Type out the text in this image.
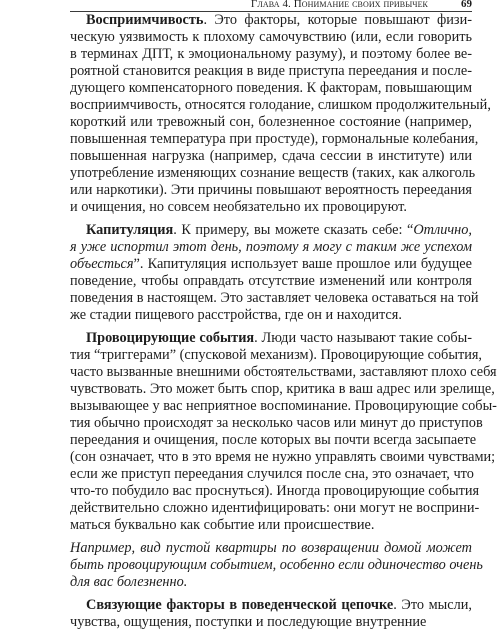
Глава 4. Понимание своих привычек	69
Восприимчивость. Это факторы, которые повышают физи-
ческую уязвимость к плохому самочувствию (или, если говорить
в терминах ДПТ, к эмоциональному разуму), и поэтому более ве-
роятной становится реакция в виде приступа переедания и после-
дующего компенсаторного поведения. К факторам, повышающим
восприимчивость, относятся голодание, слишком продолжительный,
короткий или тревожный сон, болезненное состояние (например,
повышенная температура при простуде), гормональные колебания,
повышенная нагрузка (например, сдача сессии в институте) или
употребление изменяющих сознание веществ (таких, как алкоголь
или наркотики). Эти причины повышают вероятность переедания
и очищения, но совсем необязательно их провоцируют.
Капитуляция. К примеру, вы можете сказать себе: “Отлично,
я уже испортил этот день, поэтому я могу с таким же успехом
объесться”. Капитуляция использует ваше прошлое или будущее
поведение, чтобы оправдать отсутствие изменений или контроля
поведения в настоящем. Это заставляет человека оставаться на той
же стадии пищевого расстройства, где он и находится.
Провоцирующие события. Люди часто называют такие собы-
тия “триггерами” (спусковой механизм). Провоцирующие события,
часто вызванные внешними обстоятельствами, заставляют плохо себя
чувствовать. Это может быть спор, критика в ваш адрес или зрелище,
вызывающее у вас неприятное воспоминание. Провоцирующие собы-
тия обычно происходят за несколько часов или минут до приступов
переедания и очищения, после которых вы почти всегда засыпаете
(сон означает, что в это время не нужно управлять своими чувствами;
если же приступ переедания случился после сна, это означает, что
что-то побудило вас проснуться). Иногда провоцирующие события
действительно сложно идентифицировать: они могут не восприни-
маться буквально как событие или происшествие.
Например, вид пустой квартиры по возвращении домой может
быть провоцирующим событием, особенно если одиночество очень
для вас болезненно.
Связующие факторы в поведенческой цепочке. Это мысли,
чувства, ощущения, поступки и последующие внутренние
